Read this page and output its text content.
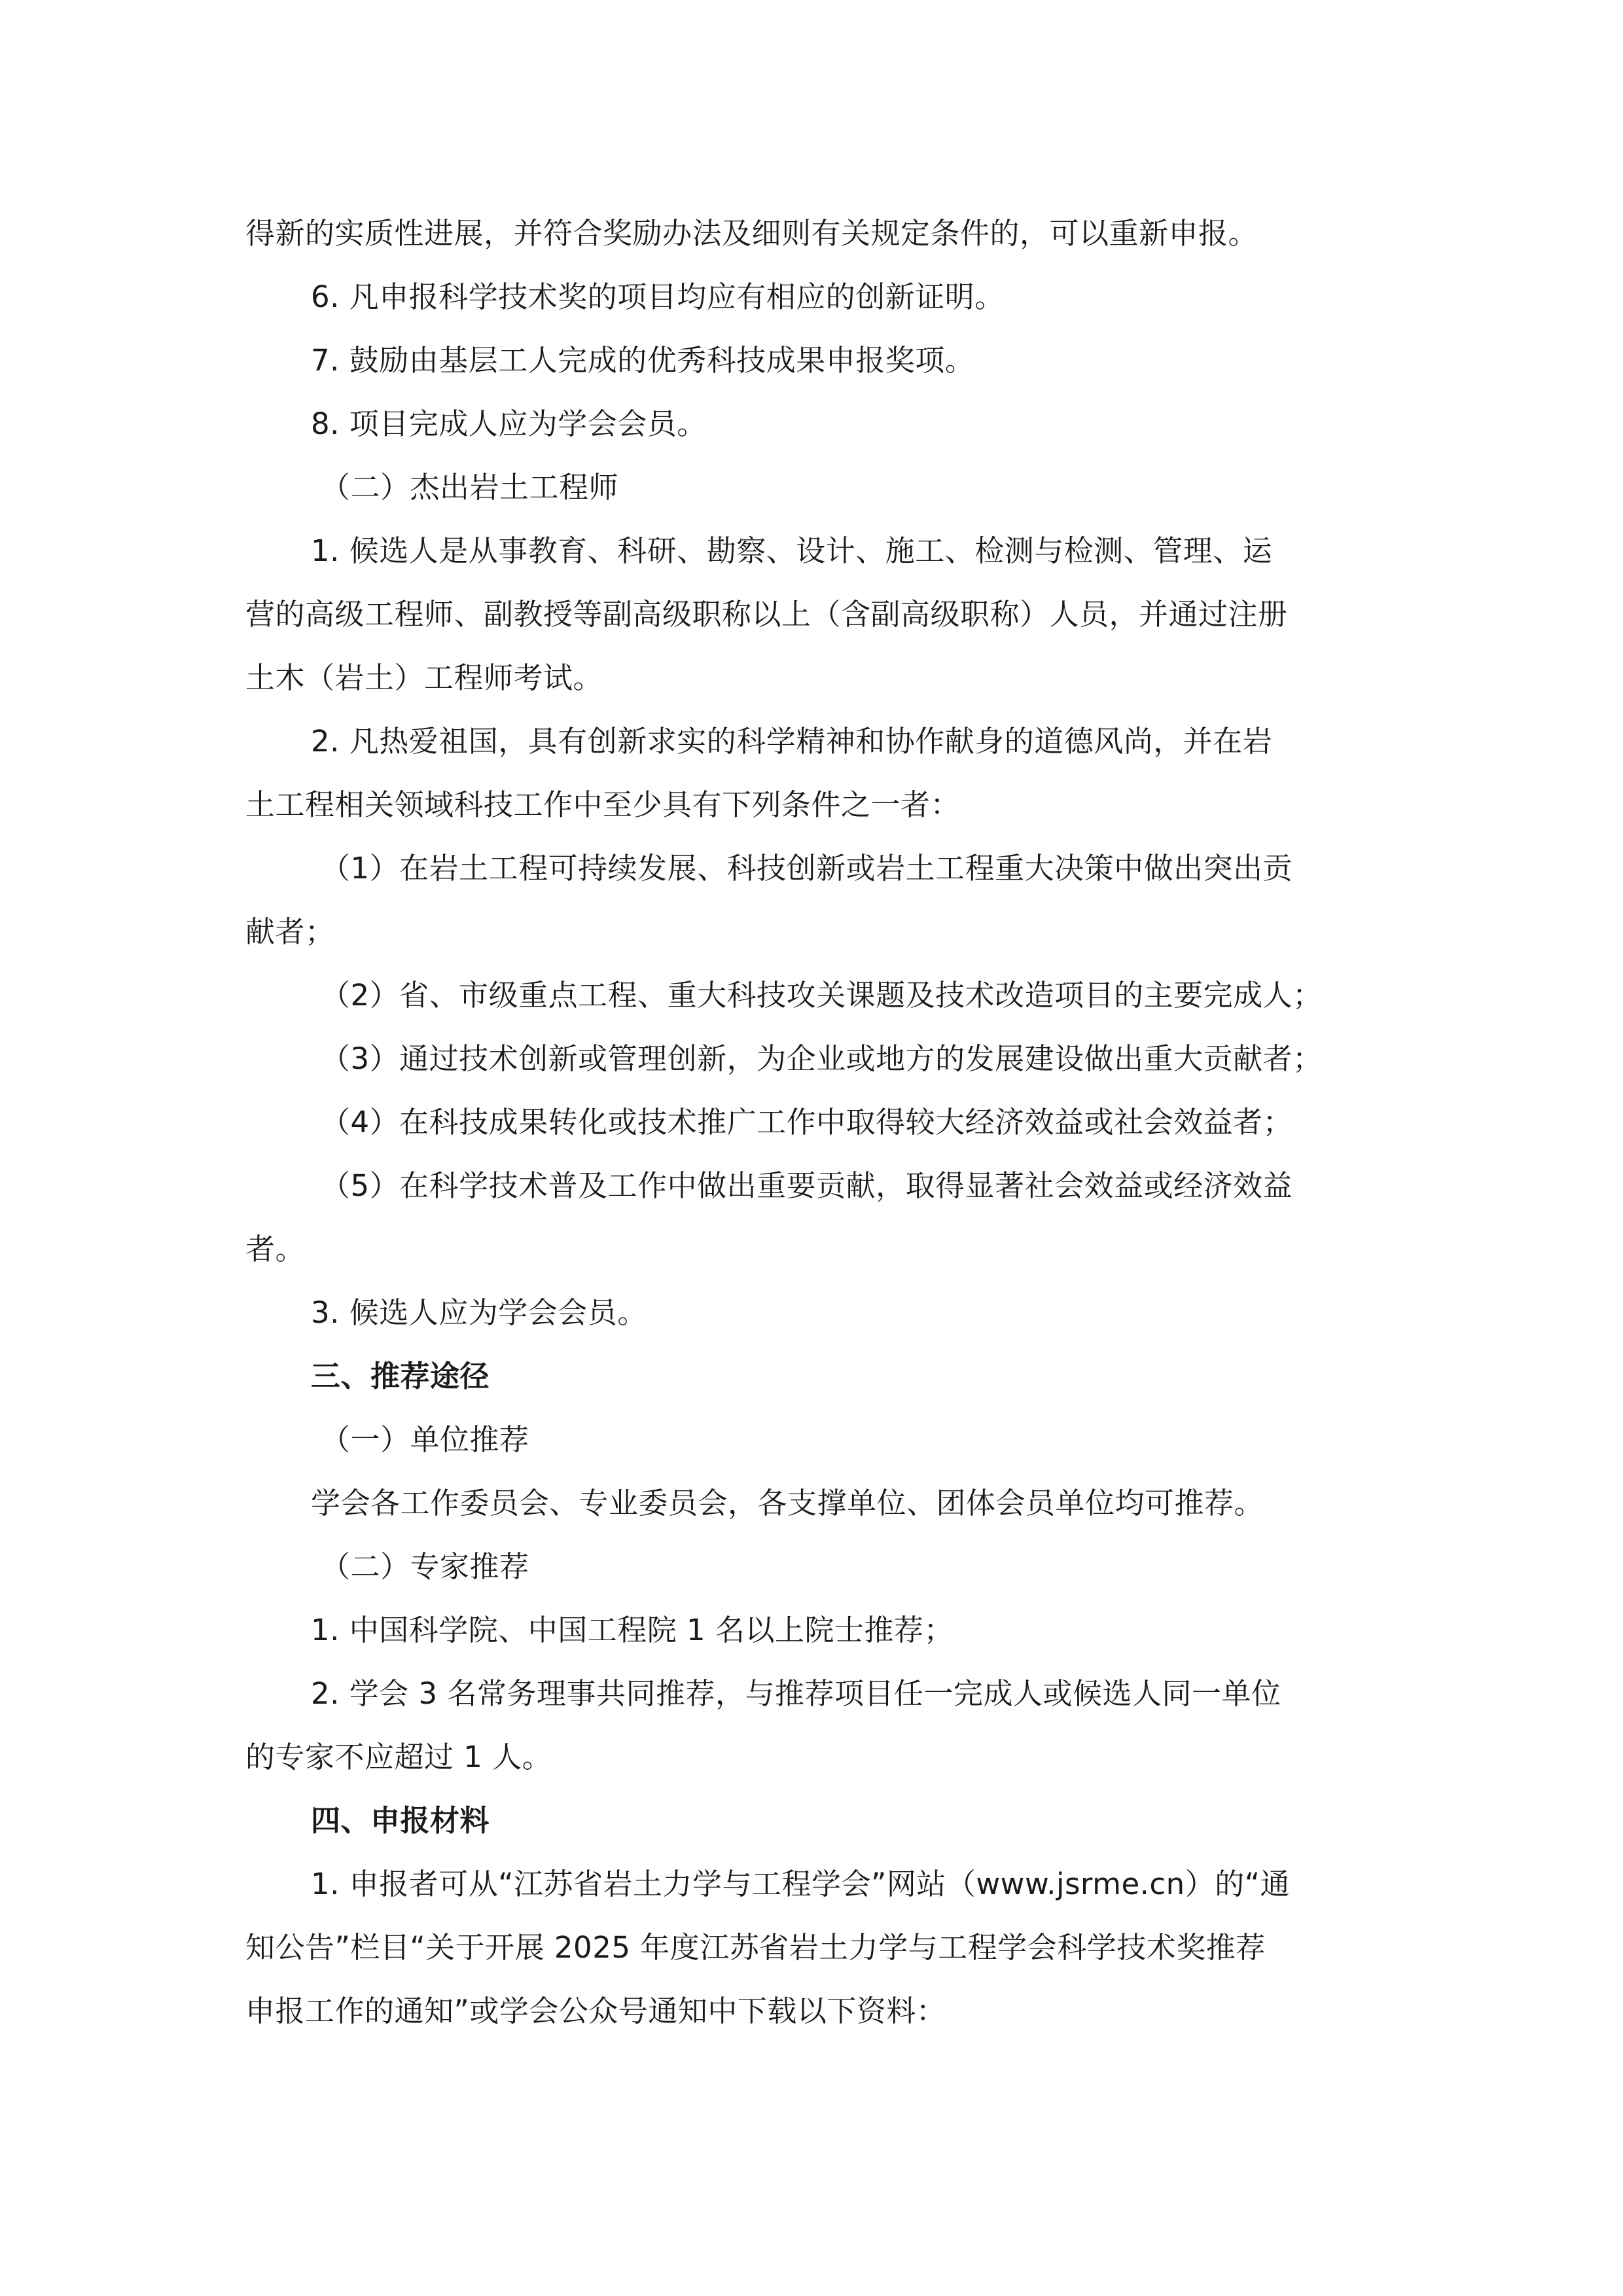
得新的实质性进展，并符合奖励办法及细则有关规定条件的，可以重新申报。
6. 凡申报科学技术奖的项目均应有相应的创新证明。
7. 鼓励由基层工人完成的优秀科技成果申报奖项。
8. 项目完成人应为学会会员。
（二）杰出岩土工程师
1. 候选人是从事教育、科研、勘察、设计、施工、检测与检测、管理、运
营的高级工程师、副教授等副高级职称以上（含副高级职称）人员，并通过注册
土木（岩土）工程师考试。
2. 凡热爱祖国，具有创新求实的科学精神和协作献身的道德风尚，并在岩
土工程相关领域科技工作中至少具有下列条件之一者：
（1）在岩土工程可持续发展、科技创新或岩土工程重大决策中做出突出贡
献者；
（2）省、市级重点工程、重大科技攻关课题及技术改造项目的主要完成人；
（3）通过技术创新或管理创新，为企业或地方的发展建设做出重大贡献者；
（4）在科技成果转化或技术推广工作中取得较大经济效益或社会效益者；
（5）在科学技术普及工作中做出重要贡献，取得显著社会效益或经济效益
者。
3. 候选人应为学会会员。
三、推荐途径
（一）单位推荐
学会各工作委员会、专业委员会，各支撑单位、团体会员单位均可推荐。
（二）专家推荐
1. 中国科学院、中国工程院 1 名以上院士推荐；
2. 学会 3 名常务理事共同推荐，与推荐项目任一完成人或候选人同一单位
的专家不应超过 1 人。
四、申报材料
1. 申报者可从“江苏省岩土力学与工程学会”网站（www.jsrme.cn）的“通
知公告”栏目“关于开展 2025 年度江苏省岩土力学与工程学会科学技术奖推荐
申报工作的通知”或学会公众号通知中下载以下资料：
